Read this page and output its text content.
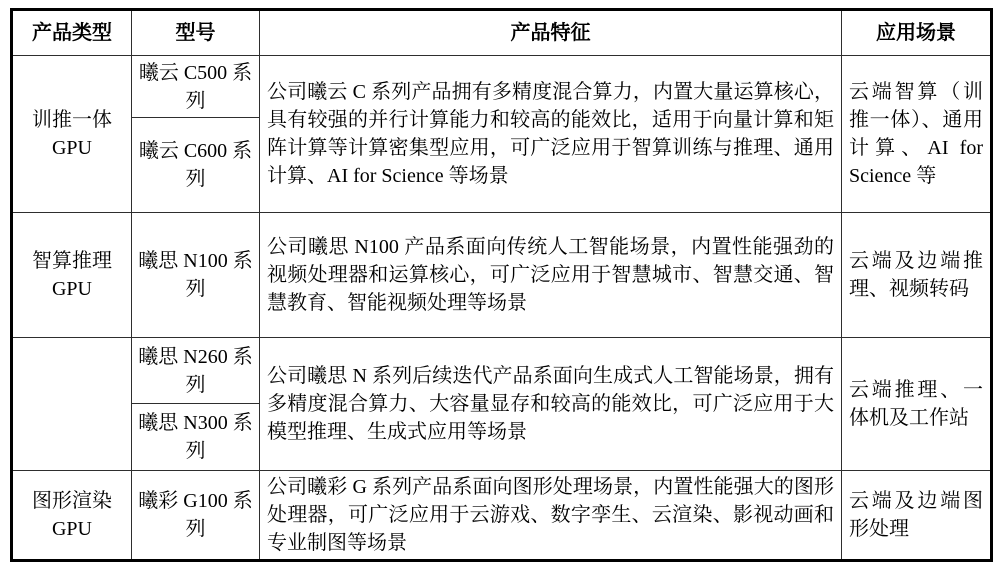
产品类型	型号	产品特征	应用场景
训推一体 GPU	曦云 C500 系列	公司曦云 C 系列产品拥有多精度混合算力，内置大量运算核心，具有较强的并行计算能力和较高的能效比，适用于向量计算和矩阵计算等计算密集型应用，可广泛应用于智算训练与推理、通用计算、AI for Science 等场景	云端智算（训推一体）、通用计算、AI for Science 等
	曦云 C600 系列		
智算推理 GPU	曦思 N100 系列	公司曦思 N100 产品系面向传统人工智能场景，内置性能强劲的视频处理器和运算核心，可广泛应用于智慧城市、智慧交通、智慧教育、智能视频处理等场景	云端及边端推理、视频转码
	曦思 N260 系列	公司曦思 N 系列后续迭代产品系面向生成式人工智能场景，拥有多精度混合算力、大容量显存和较高的能效比，可广泛应用于大模型推理、生成式应用等场景	云端推理、一体机及工作站
	曦思 N300 系列		
图形渲染 GPU	曦彩 G100 系列	公司曦彩 G 系列产品系面向图形处理场景，内置性能强大的图形处理器，可广泛应用于云游戏、数字孪生、云渲染、影视动画和专业制图等场景	云端及边端图形处理
